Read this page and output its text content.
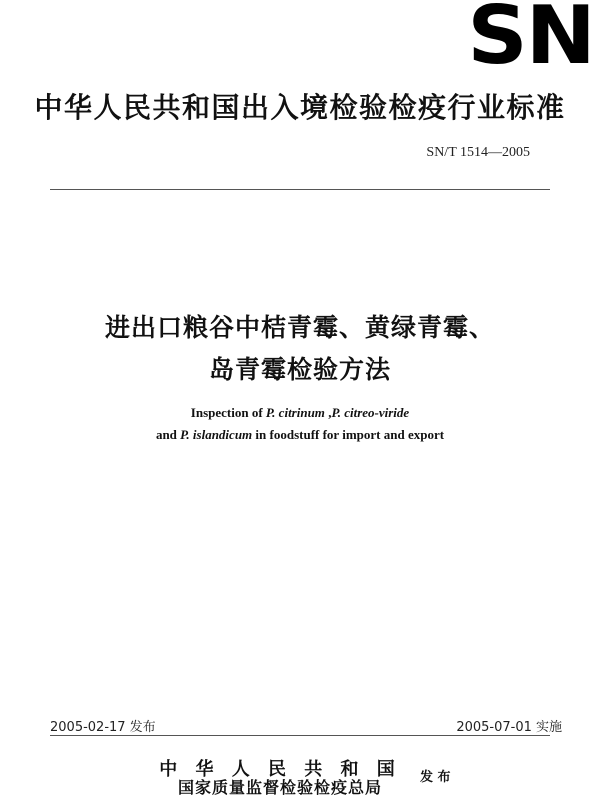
SN
中华人民共和国出入境检验检疫行业标准
SN/T 1514—2005
进出口粮谷中桔青霉、黄绿青霉、
岛青霉检验方法
Inspection of P. citrinum ,P. citreo-viride
and P. islandicum in foodstuff for import and export
2005-02-17 发布	2005-07-01 实施
中 华 人 民 共 和 国
国家质量监督检验检疫总局
发 布
